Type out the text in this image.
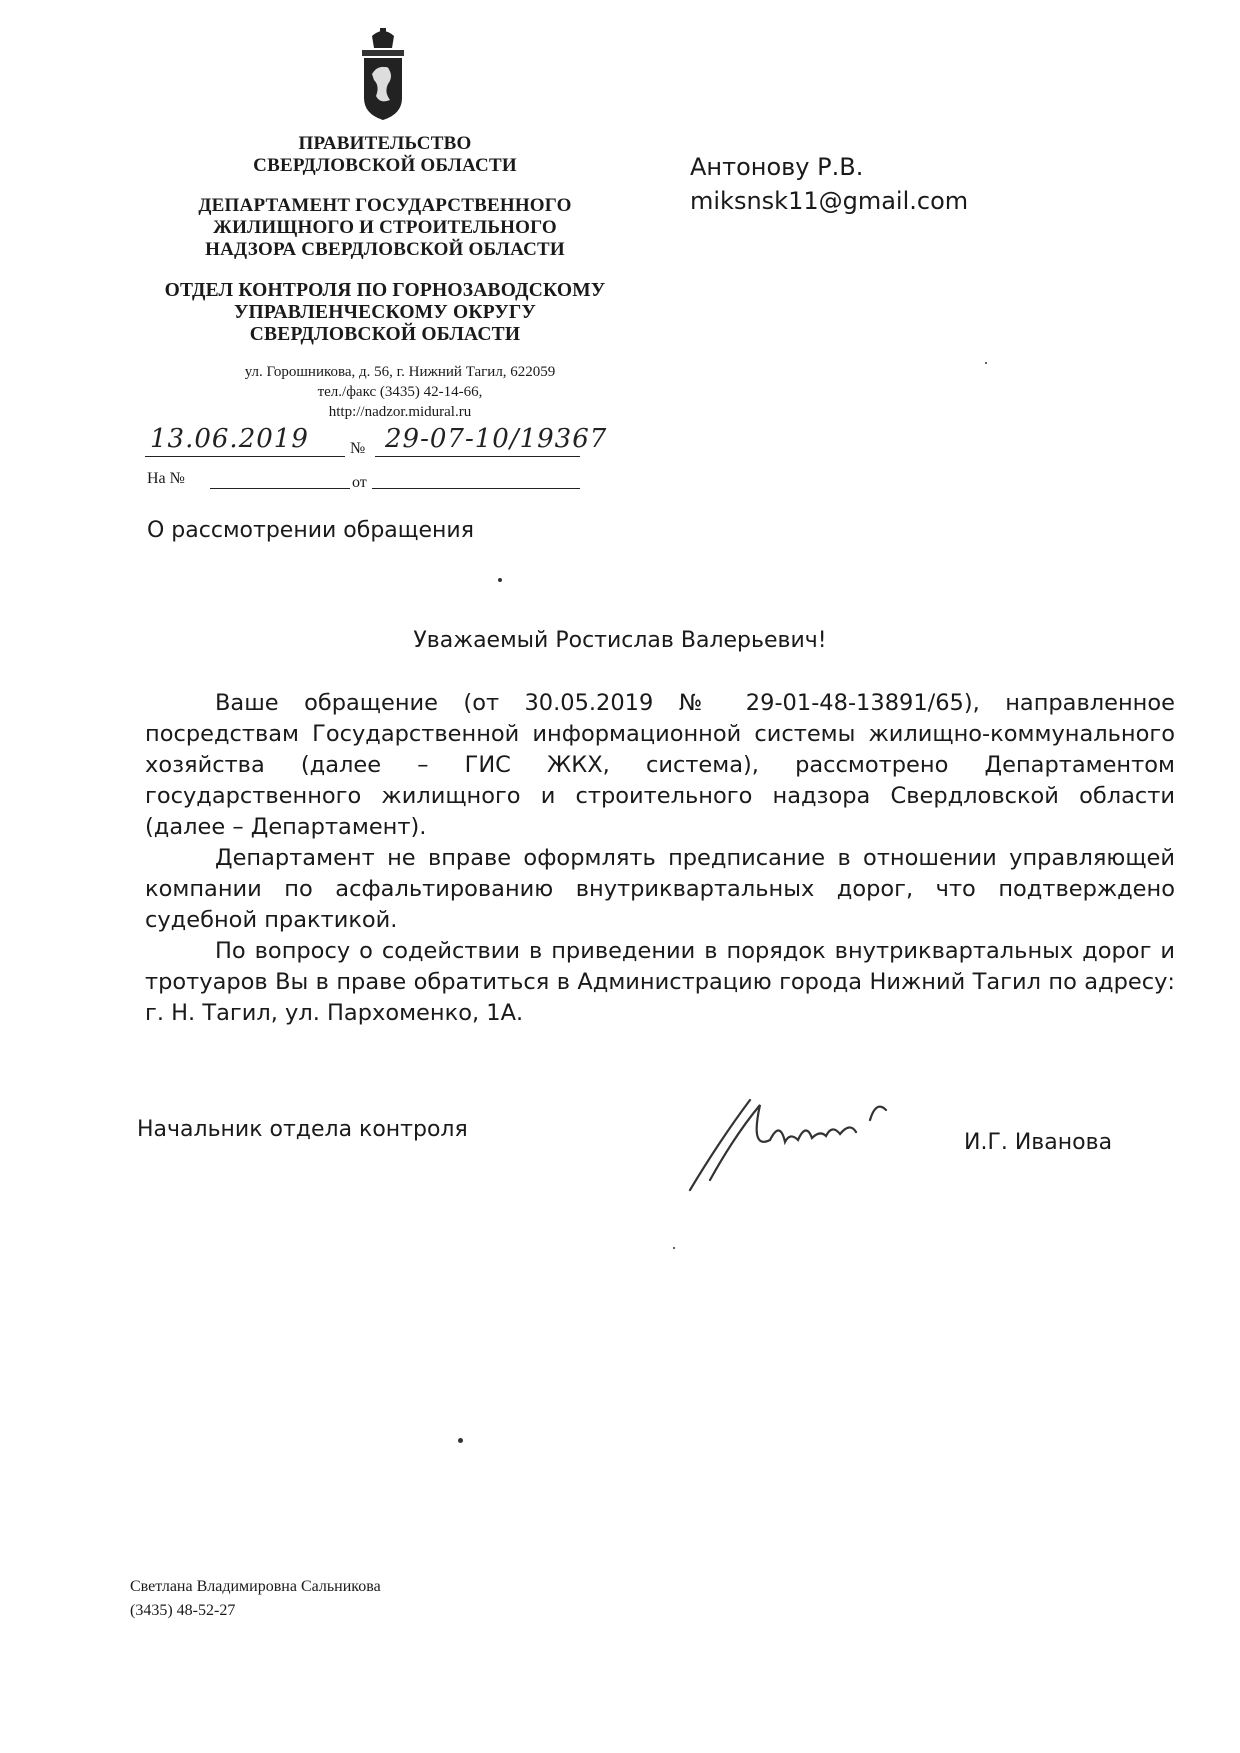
ПРАВИТЕЛЬСТВО
СВЕРДЛОВСКОЙ ОБЛАСТИ
ДЕПАРТАМЕНТ ГОСУДАРСТВЕННОГО
ЖИЛИЩНОГО И СТРОИТЕЛЬНОГО
НАДЗОРА СВЕРДЛОВСКОЙ ОБЛАСТИ
ОТДЕЛ КОНТРОЛЯ ПО ГОРНОЗАВОДСКОМУ
УПРАВЛЕНЧЕСКОМУ ОКРУГУ
СВЕРДЛОВСКОЙ ОБЛАСТИ
ул. Горошникова, д. 56, г. Нижний Тагил, 622059
тел./факс (3435) 42-14-66,
http://nadzor.midural.ru
13.06.2019	№ 29-07-10/19367
На №	от
Антонову Р.В.
miksnsk11@gmail.com
О рассмотрении обращения
Уважаемый Ростислав Валерьевич!

Ваше обращение (от 30.05.2019 № 29-01-48-13891/65), направленное посредствам Государственной информационной системы жилищно-коммунального хозяйства (далее – ГИС ЖКХ, система), рассмотрено Департаментом государственного жилищного и строительного надзора Свердловской области (далее – Департамент).

Департамент не вправе оформлять предписание в отношении управляющей компании по асфальтированию внутриквартальных дорог, что подтверждено судебной практикой.

По вопросу о содействии в приведении в порядок внутриквартальных дорог и тротуаров Вы в праве обратиться в Администрацию города Нижний Тагил по адресу: г. Н. Тагил, ул. Пархоменко, 1А.

Начальник отдела контроля
И.Г. Иванова
Светлана Владимировна Сальникова
(3435) 48-52-27
